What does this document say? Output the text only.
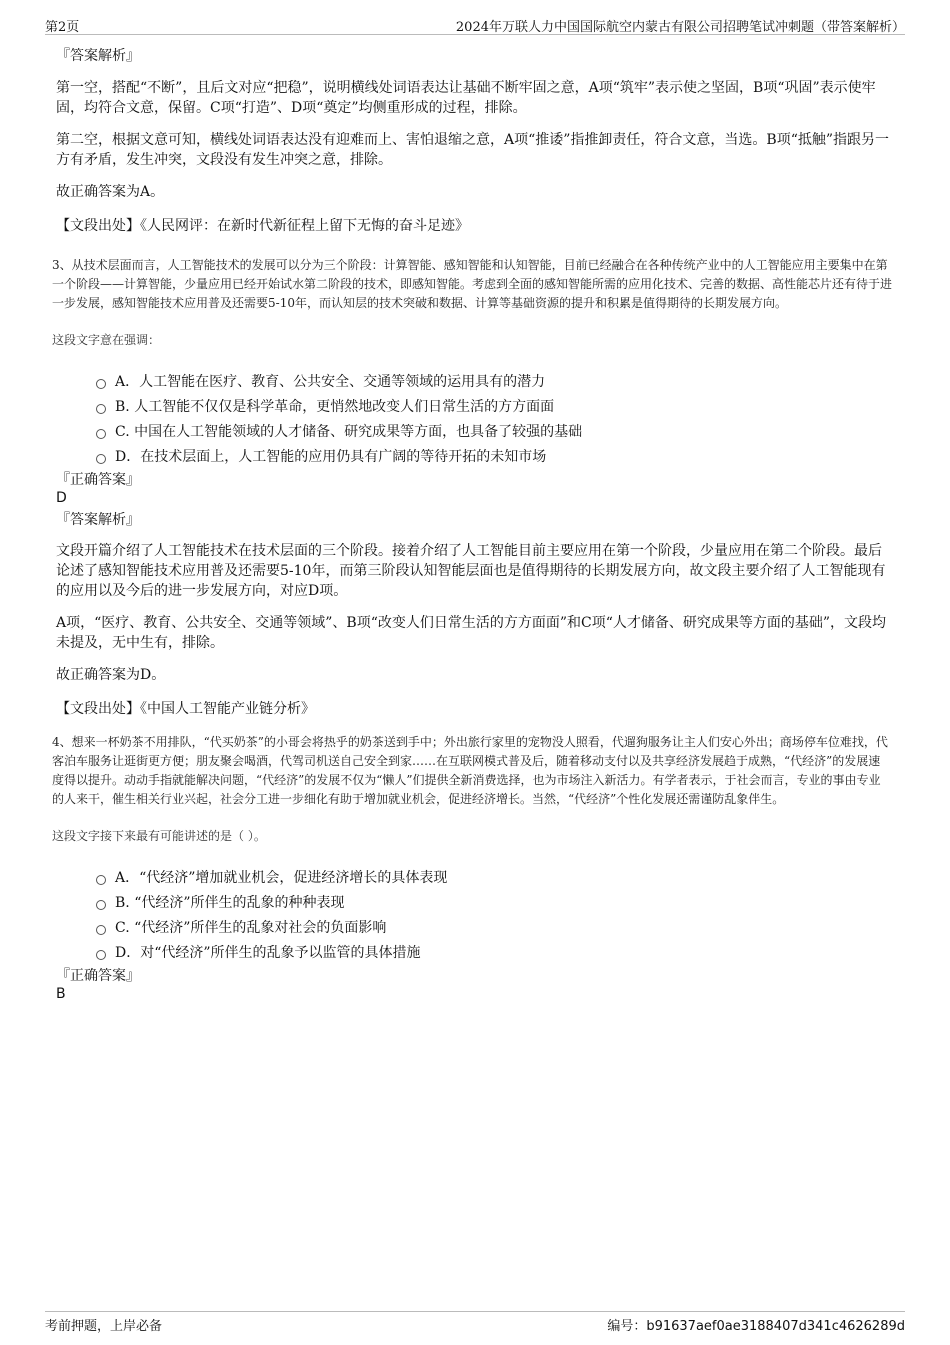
第2页	2024年万联人力中国国际航空内蒙古有限公司招聘笔试冲刺题（带答案解析）

『答案解析』

第一空，搭配“不断”，且后文对应“把稳”，说明横线处词语表达让基础不断牢固之意，A项“筑牢”表示使之坚固，B项“巩固”表示使牢固，均符合文意，保留。C项“打造”、D项“奠定”均侧重形成的过程，排除。

第二空，根据文意可知，横线处词语表达没有迎难而上、害怕退缩之意，A项“推诿”指推卸责任，符合文意，当选。B项“抵触”指跟另一方有矛盾，发生冲突，文段没有发生冲突之意，排除。

故正确答案为A。

【文段出处】《人民网评：在新时代新征程上留下无悔的奋斗足迹》

3、从技术层面而言，人工智能技术的发展可以分为三个阶段：计算智能、感知智能和认知智能，目前已经融合在各种传统产业中的人工智能应用主要集中在第一个阶段——计算智能，少量应用已经开始试水第二阶段的技术，即感知智能。考虑到全面的感知智能所需的应用化技术、完善的数据、高性能芯片还有待于进一步发展，感知智能技术应用普及还需要5-10年，而认知层的技术突破和数据、计算等基础资源的提升和积累是值得期待的长期发展方向。

这段文字意在强调：

A．人工智能在医疗、教育、公共安全、交通等领域的运用具有的潜力
B. 人工智能不仅仅是科学革命，更悄然地改变人们日常生活的方方面面
C. 中国在人工智能领域的人才储备、研究成果等方面，也具备了较强的基础
D．在技术层面上，人工智能的应用仍具有广阔的等待开拓的未知市场

『正确答案』

D

『答案解析』

文段开篇介绍了人工智能技术在技术层面的三个阶段。接着介绍了人工智能目前主要应用在第一个阶段，少量应用在第二个阶段。最后论述了感知智能技术应用普及还需要5-10年，而第三阶段认知智能层面也是值得期待的长期发展方向，故文段主要介绍了人工智能现有的应用以及今后的进一步发展方向，对应D项。

A项，“医疗、教育、公共安全、交通等领域”、B项“改变人们日常生活的方方面面”和C项“人才储备、研究成果等方面的基础”，文段均未提及，无中生有，排除。

故正确答案为D。

【文段出处】《中国人工智能产业链分析》

4、想来一杯奶茶不用排队，“代买奶茶”的小哥会将热乎的奶茶送到手中；外出旅行家里的宠物没人照看，代遛狗服务让主人们安心外出；商场停车位难找，代客泊车服务让逛街更方便；朋友聚会喝酒，代驾司机送自己安全到家……在互联网模式普及后，随着移动支付以及共享经济发展趋于成熟，“代经济”的发展速度得以提升。动动手指就能解决问题，“代经济”的发展不仅为“懒人”们提供全新消费选择，也为市场注入新活力。有学者表示，于社会而言，专业的事由专业的人来干，催生相关行业兴起，社会分工进一步细化有助于增加就业机会，促进经济增长。当然，“代经济”个性化发展还需谨防乱象伴生。

这段文字接下来最有可能讲述的是（ ）。

A．“代经济”增加就业机会，促进经济增长的具体表现
B. “代经济”所伴生的乱象的种种表现
C. “代经济”所伴生的乱象对社会的负面影响
D．对“代经济”所伴生的乱象予以监管的具体措施

『正确答案』

B

考前押题，上岸必备	编号：b91637aef0ae3188407d341c4626289d
